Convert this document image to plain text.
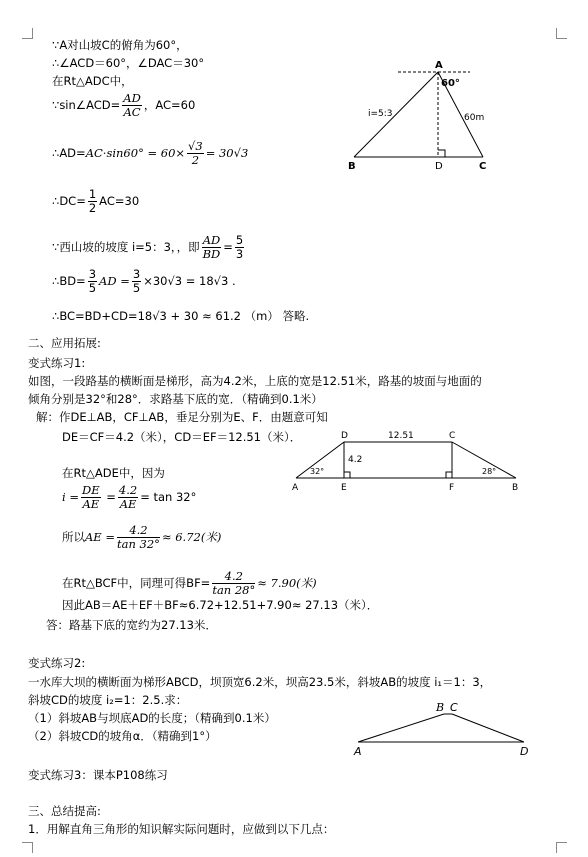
∵A对山坡C的俯角为60°，
∴∠ACD＝60°，∠DAC＝30°
在Rt△ADC中，
∵sin∠ACD= $\frac{AD}{AC}$ ，AC=60
∴AD=AC·sin60° = $60\times \frac{√3}{2} = 30√3$
∴DC= $\frac{1}{2} AC=30$
∵西山坡的坡度 i=5：3，，即 $\frac{AD}{BD} = \frac{5}{3}$
∴BD= $\frac{3}{5}$ AD = $\frac{3}{5} \times 30√3 = 18√3$ .
∴BC=BD+CD=18√3 + 30 ≈ 61.2 （m） 答略.
A
60°
i=5:3	60m
B	D	C
二、应用拓展:
变式练习1:
如图，一段路基的横断面是梯形，高为4.2米，上底的宽是12.51米，路基的坡面与地面的
倾角分别是32°和28°．求路基下底的宽．（精确到0.1米）
解：作DE⊥AB，CF⊥AB，垂足分别为E、F．由题意可知
DE＝CF＝4.2（米），CD＝EF＝12.51（米）．
在Rt△ADE中，因为
$i = \frac{DE}{AE} = \frac{4.2}{AE} = \tan 32^\circ$
所以AE = $\frac{4.2}{\tan 32^\circ} \approx 6.72$(米)
在Rt△BCF中，同理可得$BF= \frac{4.2}{\tan 28^\circ} \approx 7.90$(米)
因此AB＝AE＋EF＋BF≈6.72+12.51+7.90≈ 27.13（米）．
答：路基下底的宽约为27.13米．
D	C
12.51
4.2
32°	28°
A	E	F	B
变式练习2:
一水库大坝的横断面为梯形ABCD，坝顶宽6.2米，坝高23.5米，斜坡AB的坡度 i₁＝1：3，
斜坡CD的坡度 i₂=1：2.5.求：
（1）斜坡AB与坝底AD的长度；（精确到0.1米）
（2）斜坡CD的坡角α．（精确到1°）
变式练习3：课本P108练习
三、总结提高:
1．用解直角三角形的知识解实际问题时，应做到以下几点：
B C
A	D
